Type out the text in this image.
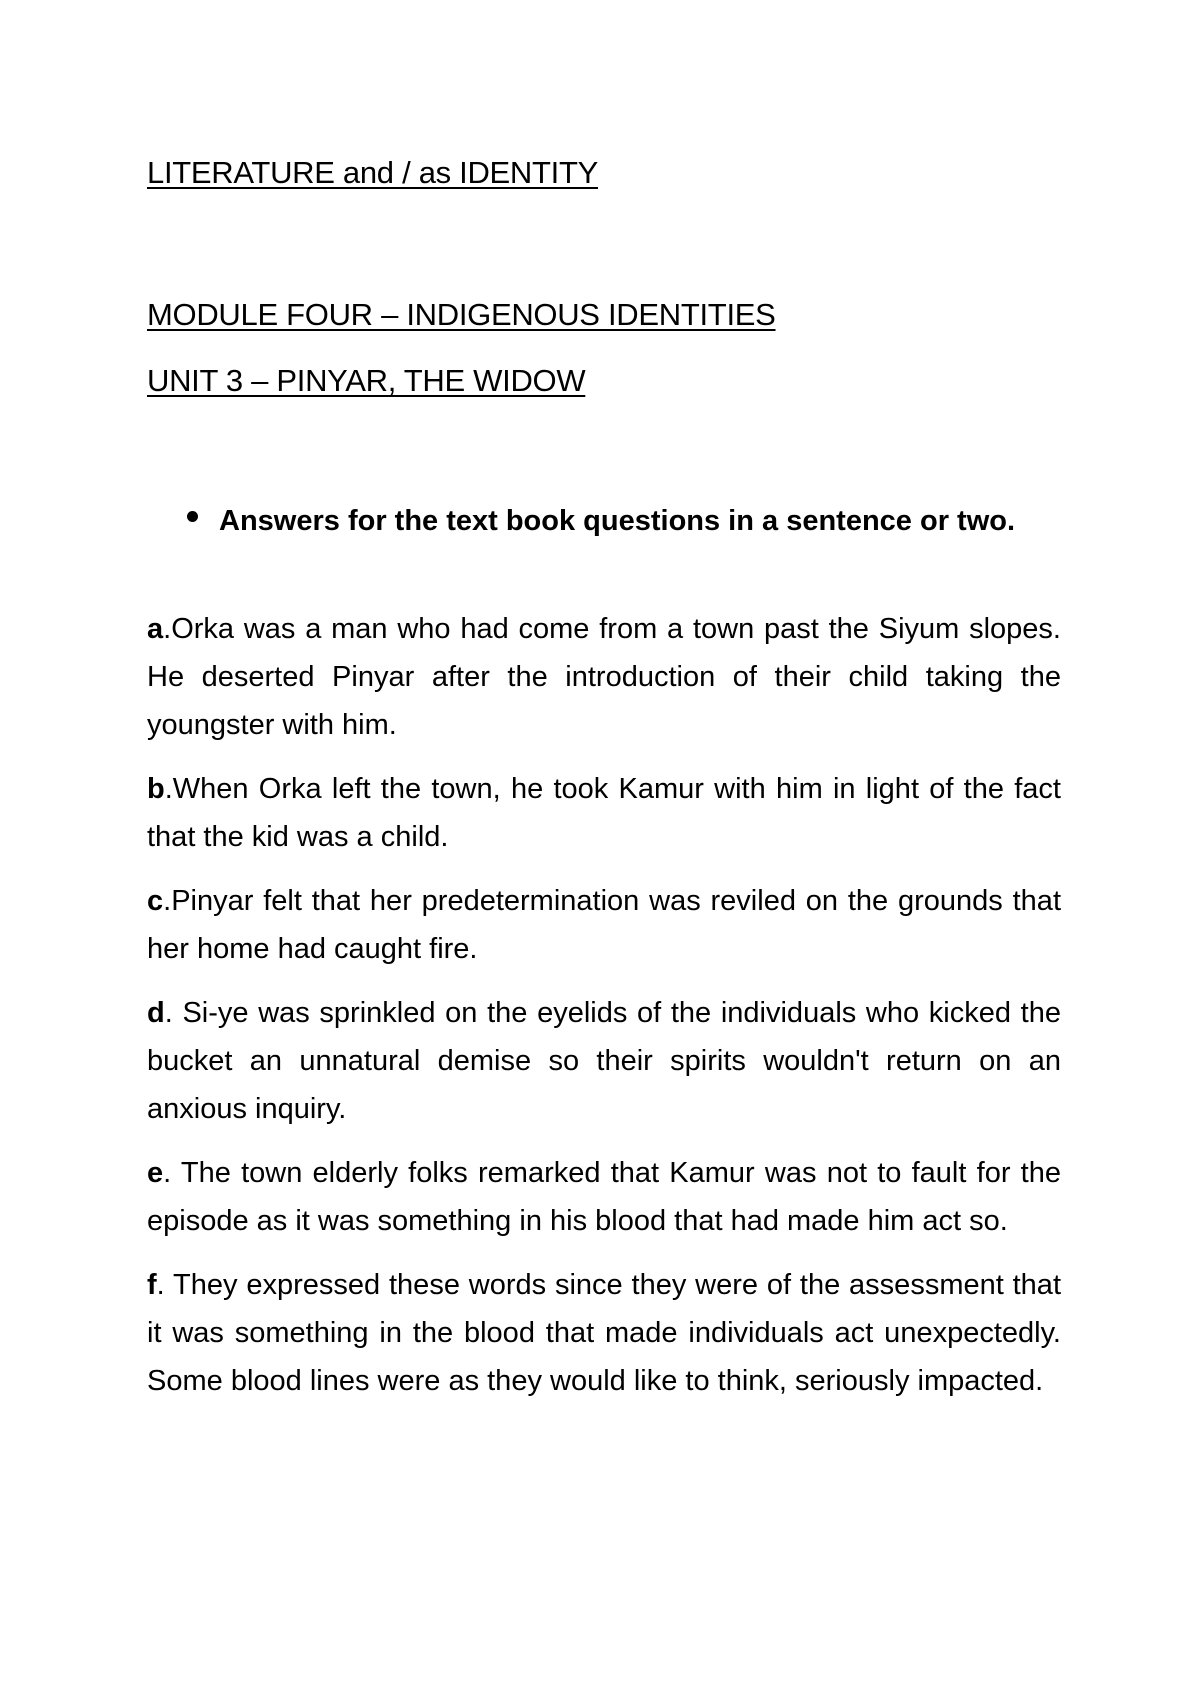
LITERATURE and / as IDENTITY
MODULE FOUR – INDIGENOUS IDENTITIES
UNIT 3 – PINYAR, THE WIDOW

Answers for the text book questions in a sentence or two.

a.Orka was a man who had come from a town past the Siyum slopes. He deserted Pinyar after the introduction of their child taking the youngster with him.

b.When Orka left the town, he took Kamur with him in light of the fact that the kid was a child.

c.Pinyar felt that her predetermination was reviled on the grounds that her home had caught fire.

d. Si-ye was sprinkled on the eyelids of the individuals who kicked the bucket an unnatural demise so their spirits wouldn't return on an anxious inquiry.

e. The town elderly folks remarked that Kamur was not to fault for the episode as it was something in his blood that had made him act so.

f. They expressed these words since they were of the assessment that it was something in the blood that made individuals act unexpectedly. Some blood lines were as they would like to think, seriously impacted.
